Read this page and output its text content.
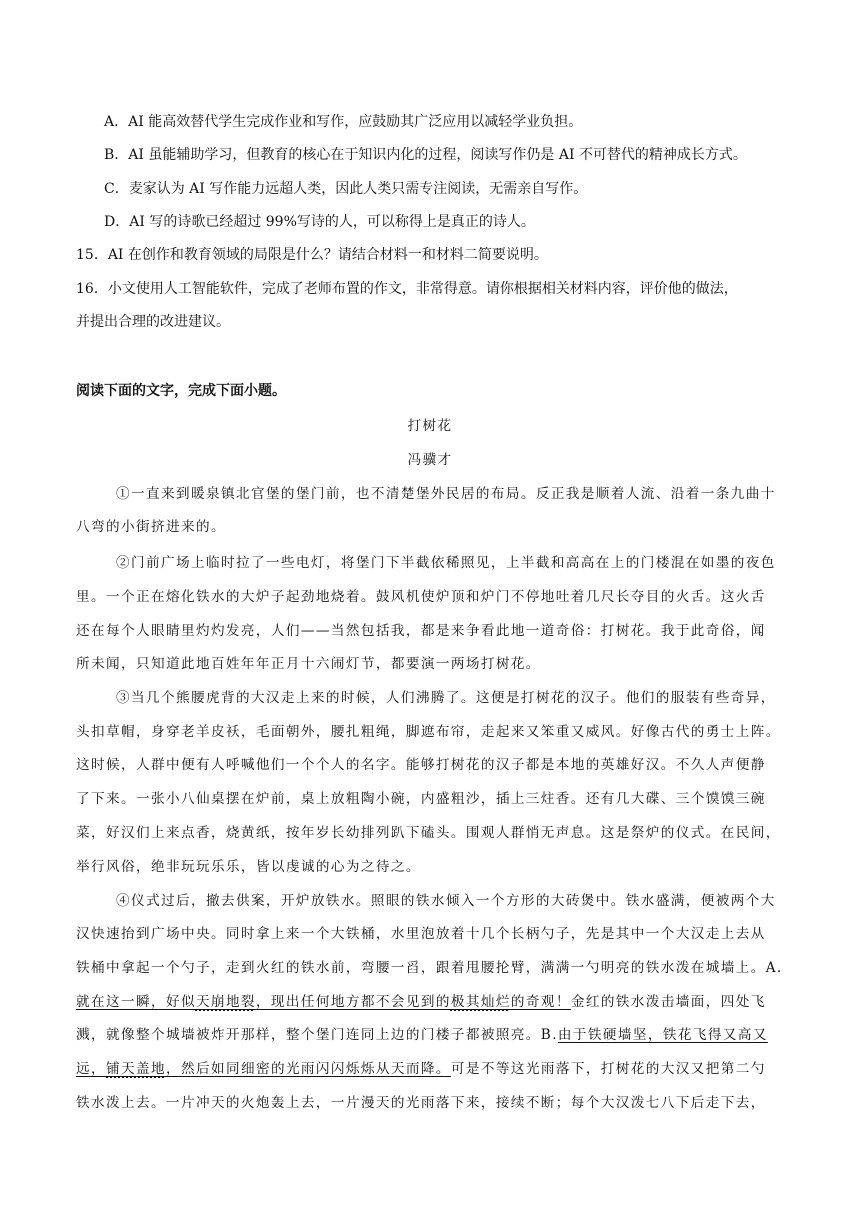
A．AI 能高效替代学生完成作业和写作，应鼓励其广泛应用以减轻学业负担。
B．AI 虽能辅助学习，但教育的核心在于知识内化的过程，阅读写作仍是 AI 不可替代的精神成长方式。
C．麦家认为 AI 写作能力远超人类，因此人类只需专注阅读，无需亲自写作。
D．AI 写的诗歌已经超过 99%写诗的人，可以称得上是真正的诗人。
15．AI 在创作和教育领域的局限是什么？请结合材料一和材料二简要说明。
16．小文使用人工智能软件，完成了老师布置的作文，非常得意。请你根据相关材料内容，评价他的做法，
并提出合理的改进建议。
阅读下面的文字，完成下面小题。
打树花
冯骥才
①一直来到暖泉镇北官堡的堡门前，也不清楚堡外民居的布局。反正我是顺着人流、沿着一条九曲十
八弯的小街挤进来的。
②门前广场上临时拉了一些电灯，将堡门下半截依稀照见，上半截和高高在上的门楼混在如墨的夜色
里。一个正在熔化铁水的大炉子起劲地烧着。鼓风机使炉顶和炉门不停地吐着几尺长夺目的火舌。这火舌
还在每个人眼睛里灼灼发亮，人们——当然包括我，都是来争看此地一道奇俗：打树花。我于此奇俗，闻
所未闻，只知道此地百姓年年正月十六闹灯节，都要演一两场打树花。
③当几个熊腰虎背的大汉走上来的时候，人们沸腾了。这便是打树花的汉子。他们的服装有些奇异，
头扣草帽，身穿老羊皮袄，毛面朝外，腰扎粗绳，脚遮布帘，走起来又笨重又威风。好像古代的勇士上阵。
这时候，人群中便有人呼喊他们一个个人的名字。能够打树花的汉子都是本地的英雄好汉。不久人声便静
了下来。一张小八仙桌摆在炉前，桌上放粗陶小碗，内盛粗沙，插上三炷香。还有几大碟、三个馍馍三碗
菜，好汉们上来点香，烧黄纸，按年岁长幼排列趴下磕头。围观人群悄无声息。这是祭炉的仪式。在民间，
举行风俗，绝非玩玩乐乐，皆以虔诚的心为之待之。
④仪式过后，撤去供案，开炉放铁水。照眼的铁水倾入一个方形的大砖煲中。铁水盛满，便被两个大
汉快速抬到广场中央。同时拿上来一个大铁桶，水里泡放着十几个长柄勺子，先是其中一个大汉走上去从
铁桶中拿起一个勺子，走到火红的铁水前，弯腰一舀，跟着甩腰抡臂，满满一勺明亮的铁水泼在城墙上。A.
就在这一瞬，好似天崩地裂，现出任何地方都不会见到的极其灿烂的奇观！金红的铁水泼击墙面，四处飞
溅，就像整个城墙被炸开那样，整个堡门连同上边的门楼子都被照亮。B.由于铁硬墙坚，铁花飞得又高又
远，铺天盖地，然后如同细密的光雨闪闪烁烁从天而降。可是不等这光雨落下，打树花的大汉又把第二勺
铁水泼上去。一片冲天的火炮轰上去，一片漫天的光雨落下来，接续不断；每个大汉泼七八下后走下去，
